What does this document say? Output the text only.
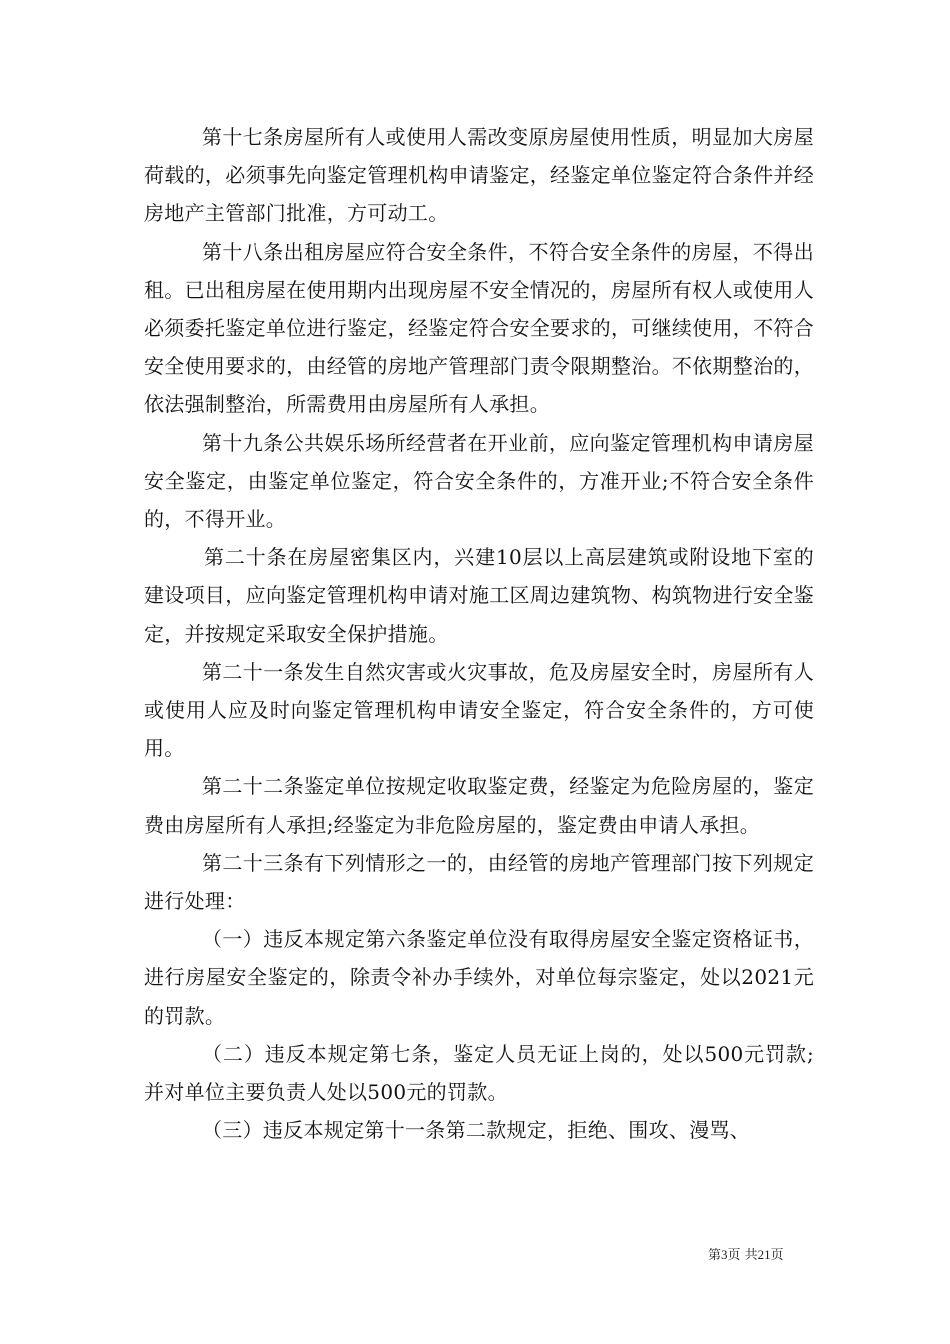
第十七条房屋所有人或使用人需改变原房屋使用性质，明显加大房屋荷载的，必须事先向鉴定管理机构申请鉴定，经鉴定单位鉴定符合条件并经房地产主管部门批准，方可动工。

第十八条出租房屋应符合安全条件，不符合安全条件的房屋，不得出租。已出租房屋在使用期内出现房屋不安全情况的，房屋所有权人或使用人必须委托鉴定单位进行鉴定，经鉴定符合安全要求的，可继续使用，不符合安全使用要求的，由经管的房地产管理部门责令限期整治。不依期整治的，依法强制整治，所需费用由房屋所有人承担。

第十九条公共娱乐场所经营者在开业前，应向鉴定管理机构申请房屋安全鉴定，由鉴定单位鉴定，符合安全条件的，方准开业;不符合安全条件的，不得开业。

第二十条在房屋密集区内，兴建10层以上高层建筑或附设地下室的建设项目，应向鉴定管理机构申请对施工区周边建筑物、构筑物进行安全鉴定，并按规定采取安全保护措施。

第二十一条发生自然灾害或火灾事故，危及房屋安全时，房屋所有人或使用人应及时向鉴定管理机构申请安全鉴定，符合安全条件的，方可使用。

第二十二条鉴定单位按规定收取鉴定费，经鉴定为危险房屋的，鉴定费由房屋所有人承担;经鉴定为非危险房屋的，鉴定费由申请人承担。

第二十三条有下列情形之一的，由经管的房地产管理部门按下列规定进行处理：

（一）违反本规定第六条鉴定单位没有取得房屋安全鉴定资格证书，进行房屋安全鉴定的，除责令补办手续外，对单位每宗鉴定，处以2021元的罚款。

（二）违反本规定第七条，鉴定人员无证上岗的，处以500元罚款;并对单位主要负责人处以500元的罚款。

（三）违反本规定第十一条第二款规定，拒绝、围攻、漫骂、

第3页 共21页
